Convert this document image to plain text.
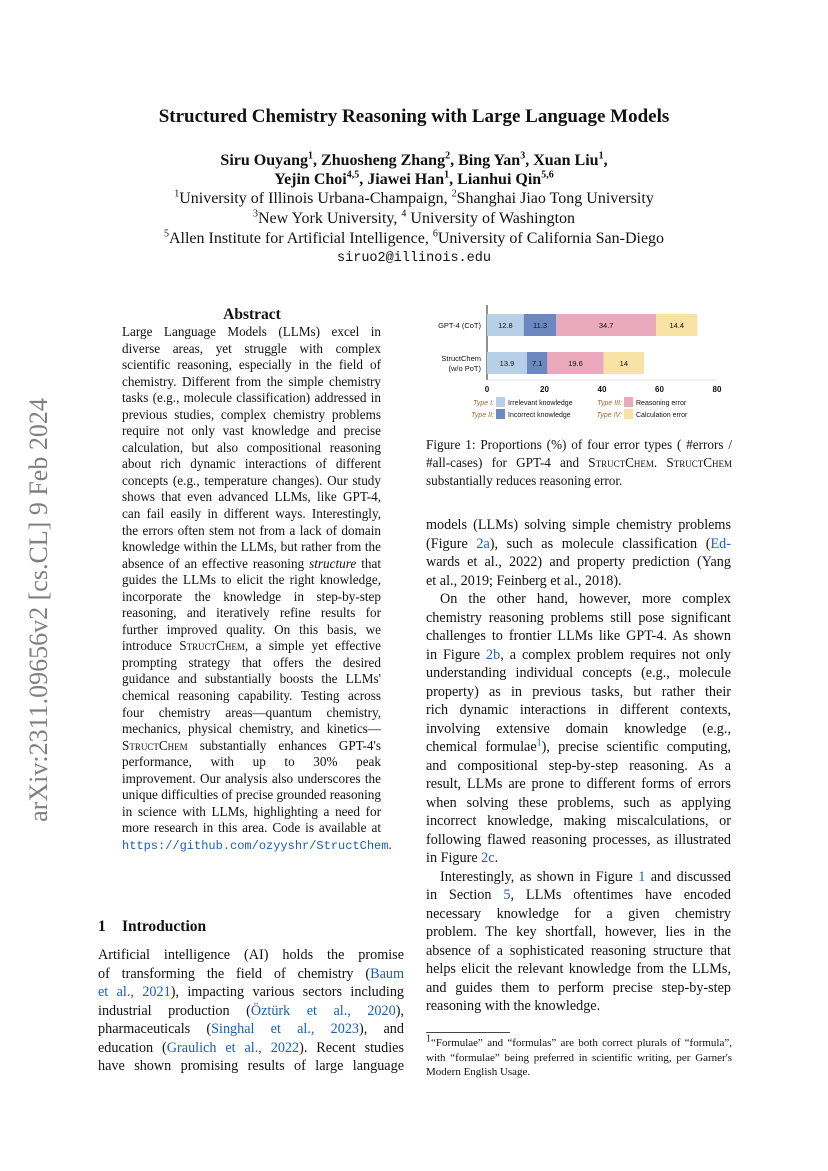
arXiv:2311.09656v2 [cs.CL] 9 Feb 2024
Structured Chemistry Reasoning with Large Language Models
Siru Ouyang$^1$, Zhuosheng Zhang$^2$, Bing Yan$^3$, Xuan Liu$^1$,
Yejin Choi$^{4,5}$, Jiawei Han$^1$, Lianhui Qin$^{5,6}$
$^1$University of Illinois Urbana-Champaign, $^2$Shanghai Jiao Tong University
$^3$New York University, $^4$ University of Washington
$^5$Allen Institute for Artificial Intelligence, $^6$University of California San-Diego
siruo2@illinois.edu
Abstract

Large Language Models (LLMs) excel in diverse areas, yet struggle with complex scientific reasoning, especially in the field of chemistry. Different from the simple chemistry tasks (e.g., molecule classification) addressed in previous studies, complex chemistry problems require not only vast knowledge and precise calculation, but also compositional reasoning about rich dynamic interactions of different concepts (e.g., temperature changes). Our study shows that even advanced LLMs, like GPT-4, can fail easily in different ways. Interestingly, the errors often stem not from a lack of domain knowledge within the LLMs, but rather from the absence of an effective reasoning structure that guides the LLMs to elicit the right knowledge, incorporate the knowledge in step-by-step reasoning, and iteratively refine results for further improved quality. On this basis, we introduce StructChem, a simple yet effective prompting strategy that offers the desired guidance and substantially boosts the LLMs' chemical reasoning capability. Testing across four chemistry areas—quantum chemistry, mechanics, physical chemistry, and kinetics—StructChem substantially enhances GPT-4's performance, with up to 30% peak improvement. Our analysis also underscores the unique difficulties of precise grounded reasoning in science with LLMs, highlighting a need for more research in this area. Code is available at https://github.com/ozyyshr/StructChem.

1 Introduction
Artificial intelligence (AI) holds the promise
of transforming the field of chemistry (Baum
et al., 2021), impacting various sectors including
industrial production (Öztürk et al., 2020),
pharmaceuticals (Singhal et al., 2023), and
education (Graulich et al., 2022). Recent studies
have shown promising results of large language
0	20	40	60	80
GPT-4 (CoT) 12.8	11.3	34.7	14.4
StructChem
(w/o PoT)
13.9 7.1	19.6	14
Type I: Irrelevant knowledge
Type II: Incorrect knowledge
Type III: Reasoning error
Type IV: Calculation error
Figure 1: Proportions (%) of four error types ( #errors / #all-cases) for GPT-4 and StructChem. StructChem substantially reduces reasoning error.
models (LLMs) solving simple chemistry problems
(Figure 2a), such as molecule classification (Ed-
wards et al., 2022) and property prediction (Yang
et al., 2019; Feinberg et al., 2018).
On the other hand, however, more complex
chemistry reasoning problems still pose significant
challenges to frontier LLMs like GPT-4. As shown
in Figure 2b, a complex problem requires not only
understanding individual concepts (e.g., molecule
property) as in previous tasks, but rather their
rich dynamic interactions in different contexts,
involving extensive domain knowledge (e.g.,
chemical formulae$^1$), precise scientific computing,
and compositional step-by-step reasoning. As a
result, LLMs are prone to different forms of errors
when solving these problems, such as applying
incorrect knowledge, making miscalculations, or
following flawed reasoning processes, as illustrated
in Figure 2c.
Interestingly, as shown in Figure 1 and discussed
in Section 5, LLMs oftentimes have encoded
necessary knowledge for a given chemistry
problem. The key shortfall, however, lies in the
absence of a sophisticated reasoning structure that
helps elicit the relevant knowledge from the LLMs,
and guides them to perform precise step-by-step
reasoning with the knowledge.
$^1$“Formulae” and “formulas” are both correct plurals of “formula”, with “formulae” being preferred in scientific writing, per Garner's Modern English Usage.
